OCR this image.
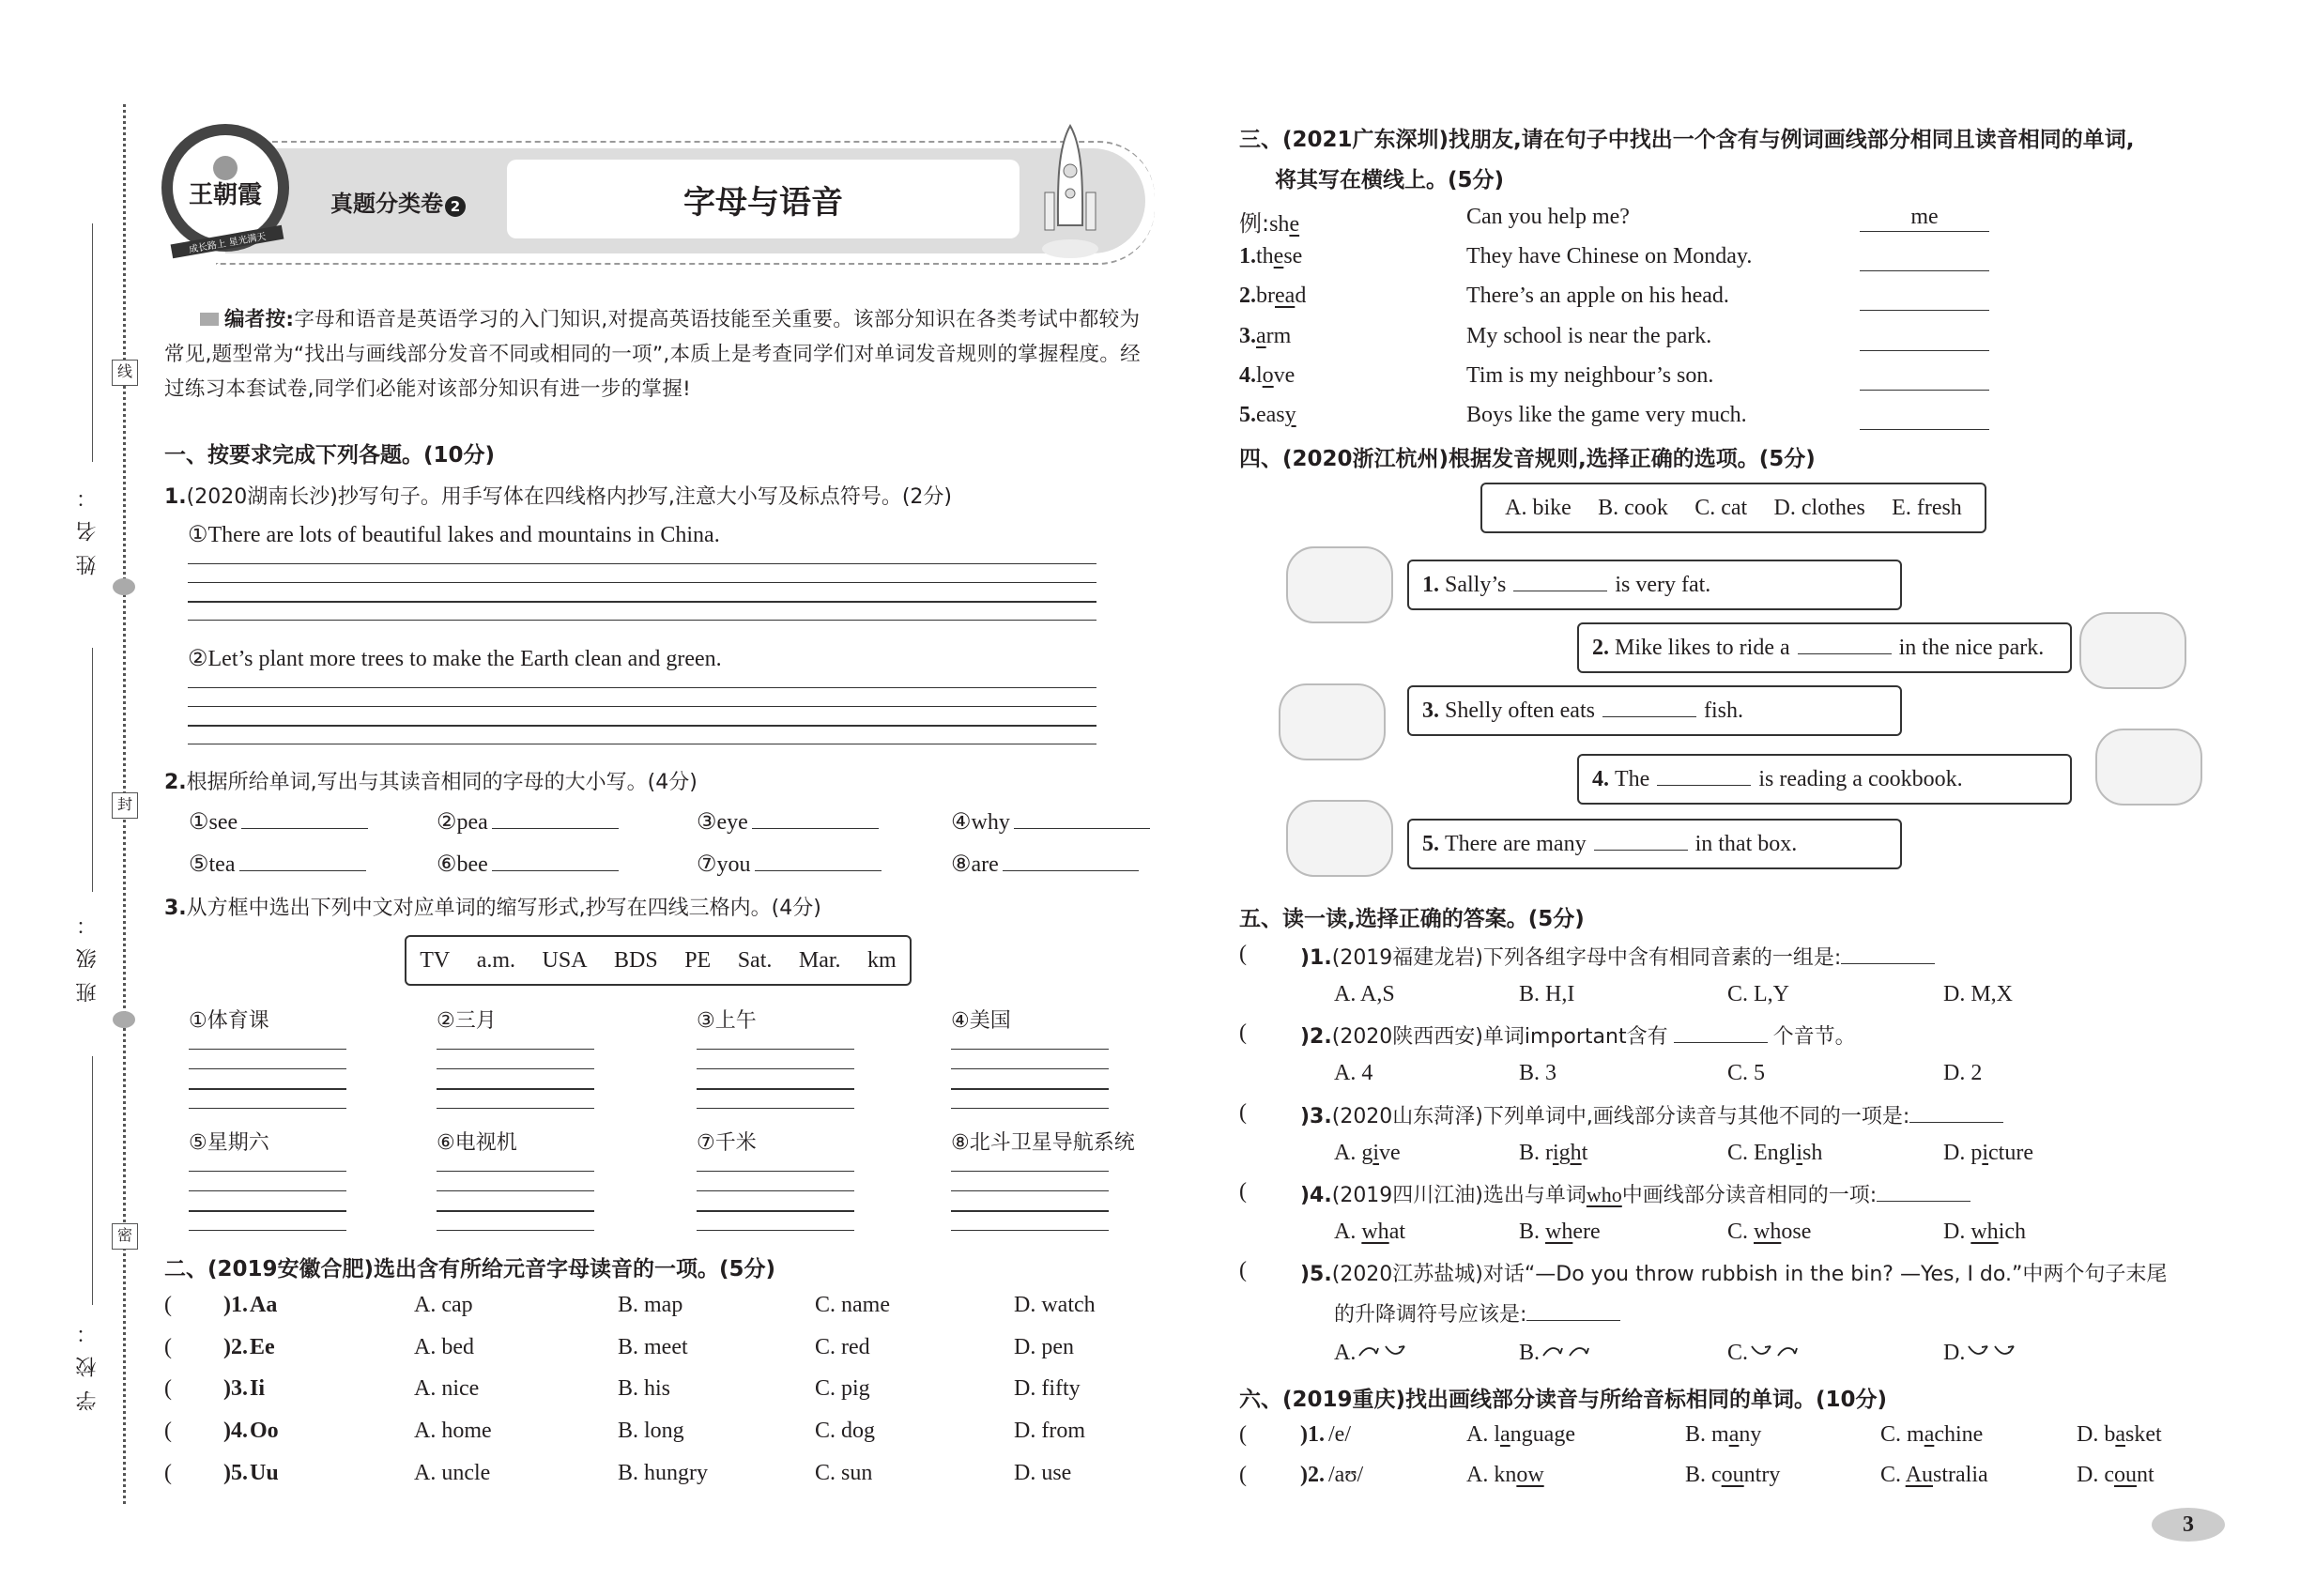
姓名：
班级：
学校：
线
封
密
王朝霞
成长路上 星光满天
真题分类卷 2	字母与语音
编者按:字母和语音是英语学习的入门知识,对提高英语技能至关重要。该部分知识在各类考试中都较为常见,题型常为“找出与画线部分发音不同或相同的一项”,本质上是考查同学们对单词发音规则的掌握程度。经过练习本套试卷,同学们必能对该部分知识有进一步的掌握!
一、按要求完成下列各题。(10分)
1.(2020湖南长沙)抄写句子。用手写体在四线格内抄写,注意大小写及标点符号。(2分)
①There are lots of beautiful lakes and mountains in China.
②Let’s plant more trees to make the Earth clean and green.
2.根据所给单词,写出与其读音相同的字母的大小写。(4分)
3.从方框中选出下列中文对应单词的缩写形式,抄写在四线三格内。(4分)
TV a.m. USA BDS PE Sat. Mar. km
二、(2019安徽合肥)选出含有所给元音字母读音的一项。(5分)
三、(2021广东深圳)找朋友,请在句子中找出一个含有与例词画线部分相同且读音相同的单词,
将其写在横线上。(5分)
四、(2020浙江杭州)根据发音规则,选择正确的选项。(5分)
A. bike B. cook C. cat D. clothes E. fresh
五、读一读,选择正确的答案。(5分)
六、(2019重庆)找出画线部分读音与所给音标相同的单词。(10分)
3
①see	②pea	③eye	④why
⑤tea	⑥bee	⑦you	⑧are
①体育课	②三月	③上午	④美国
⑤星期六	⑥电视机	⑦千米	⑧北斗卫星导航系统
( )1.Aa	A. cap	B. map	C. name	D. watch
( )2.Ee	A. bed	B. meet	C. red	D. pen
( )3.Ii	A. nice	B. his	C. pig	D. fifty
( )4.Oo	A. home	B. long	C. dog	D. from
( )5.Uu	A. uncle	B. hungry	C. sun	D. use
例:she	Can you help me?	me
1.these	They have Chinese on Monday.
2.bread	There’s an apple on his head.
3.arm	My school is near the park.
4.love	Tim is my neighbour’s son.
5.easy	Boys like the game very much.
1. Sally’s	is very fat.
2. Mike likes to ride a	in the nice park.
3. Shelly often eats	fish.
4. The	is reading a cookbook.
5. There are many	in that box.
(	)1.(2019福建龙岩)下列各组字母中含有相同音素的一组是:
A. A,S	B. H,I	C. L,Y	D. M,X
(	)2.(2020陕西西安)单词important含有	个音节。
A. 4	B. 3	C. 5	D. 2
(	)3.(2020山东菏泽)下列单词中,画线部分读音与其他不同的一项是:
A. give	B. right	C. English	D. picture
(	)4.(2019四川江油)选出与单词who中画线部分读音相同的一项:
A. what	B. where	C. whose	D. which
(	)5.(2020江苏盐城)对话“—Do you throw rubbish in the bin? —Yes, I do.”中两个句子末尾
的升降调符号应该是:
A.	B.	C.	D.
( )1. /e/	A. language	B. many	C. machine	D. basket
( )2. /aʊ/	A. know	B. country	C. Australia	D. count
